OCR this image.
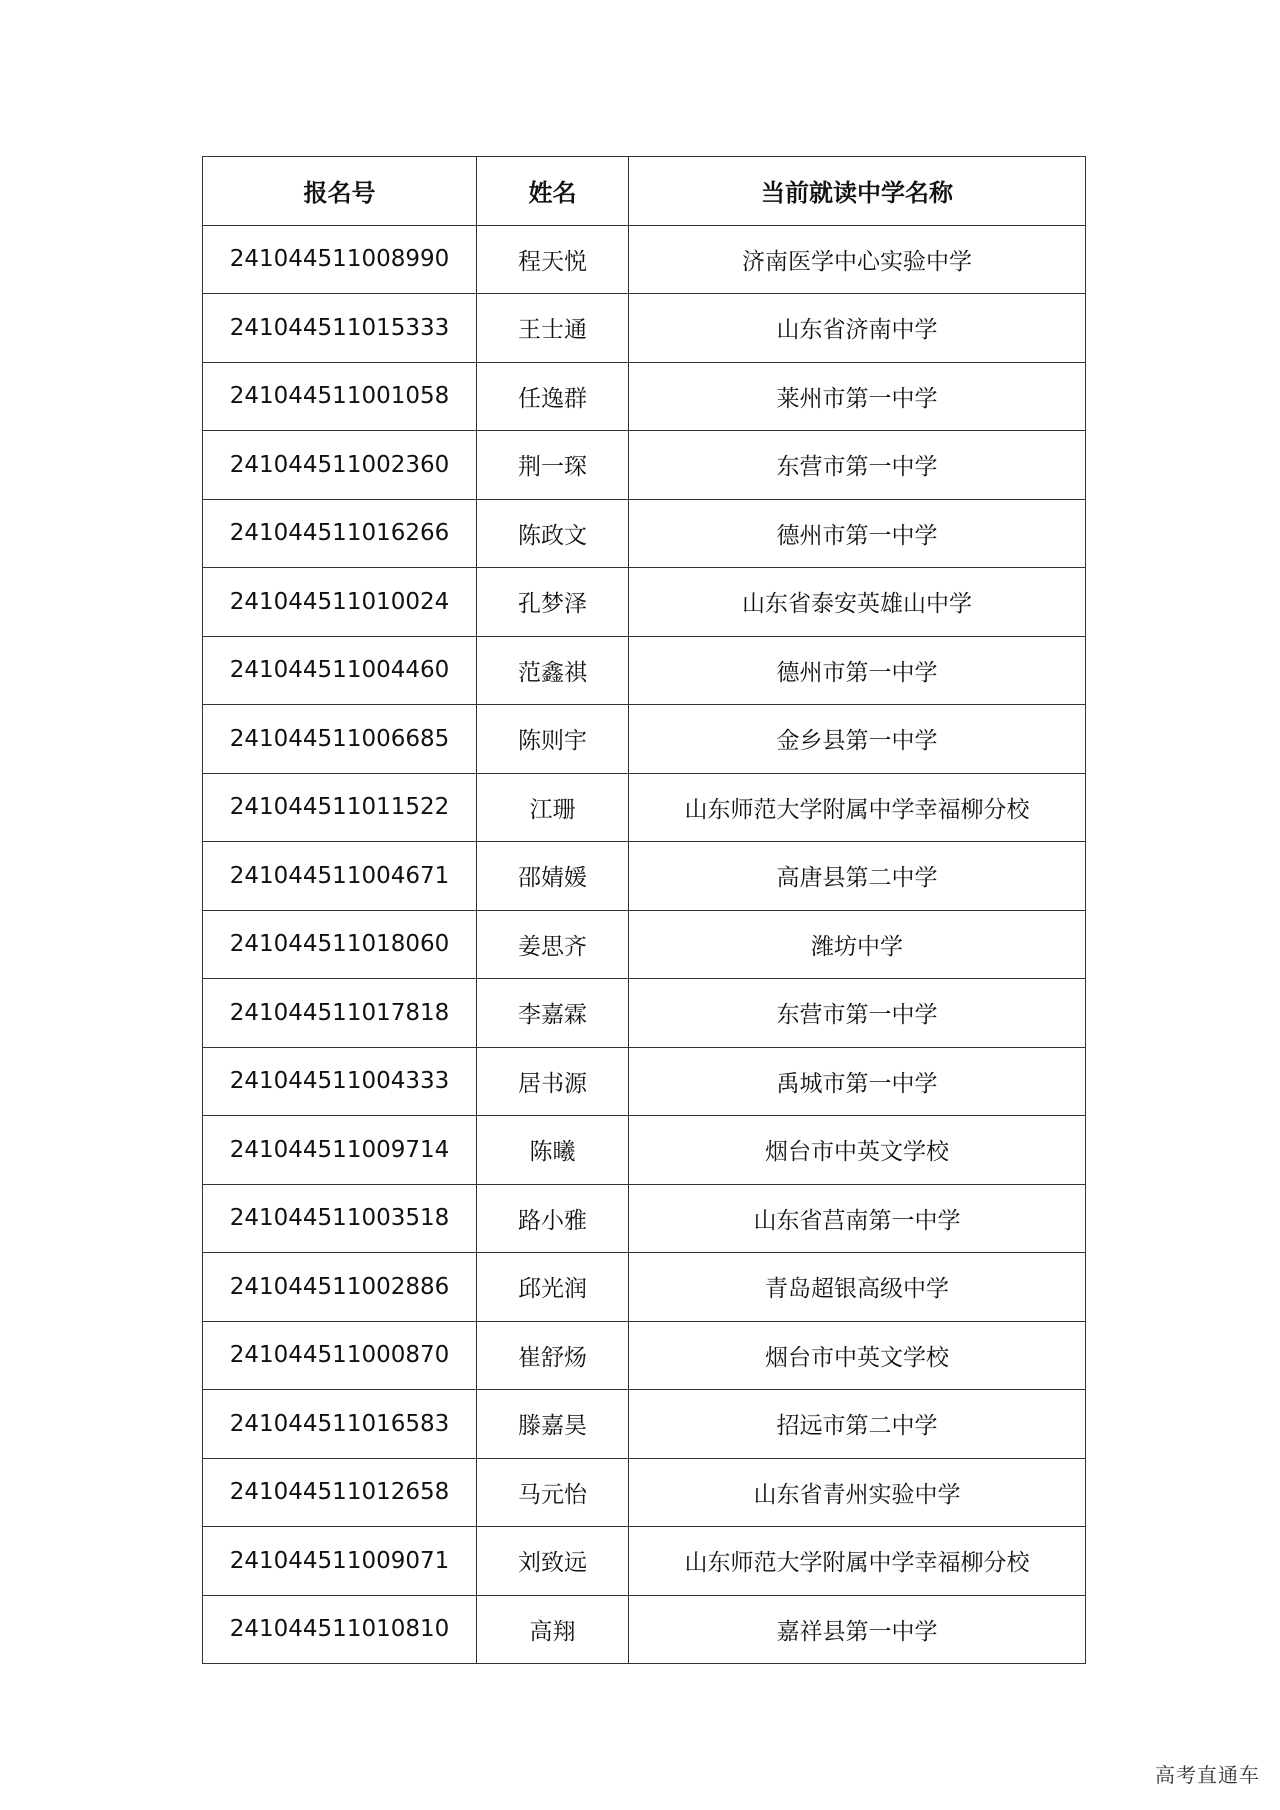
报名号	姓名	当前就读中学名称
241044511008990	程天悦	济南医学中心实验中学
241044511015333	王士通	山东省济南中学
241044511001058	任逸群	莱州市第一中学
241044511002360	荆一琛	东营市第一中学
241044511016266	陈政文	德州市第一中学
241044511010024	孔梦泽	山东省泰安英雄山中学
241044511004460	范鑫祺	德州市第一中学
241044511006685	陈则宇	金乡县第一中学
241044511011522	江珊	山东师范大学附属中学幸福柳分校
241044511004671	邵婧媛	高唐县第二中学
241044511018060	姜思齐	潍坊中学
241044511017818	李嘉霖	东营市第一中学
241044511004333	居书源	禹城市第一中学
241044511009714	陈曦	烟台市中英文学校
241044511003518	路小雅	山东省莒南第一中学
241044511002886	邱光润	青岛超银高级中学
241044511000870	崔舒炀	烟台市中英文学校
241044511016583	滕嘉昊	招远市第二中学
241044511012658	马元怡	山东省青州实验中学
241044511009071	刘致远	山东师范大学附属中学幸福柳分校
241044511010810	高翔	嘉祥县第一中学
高考直通车
